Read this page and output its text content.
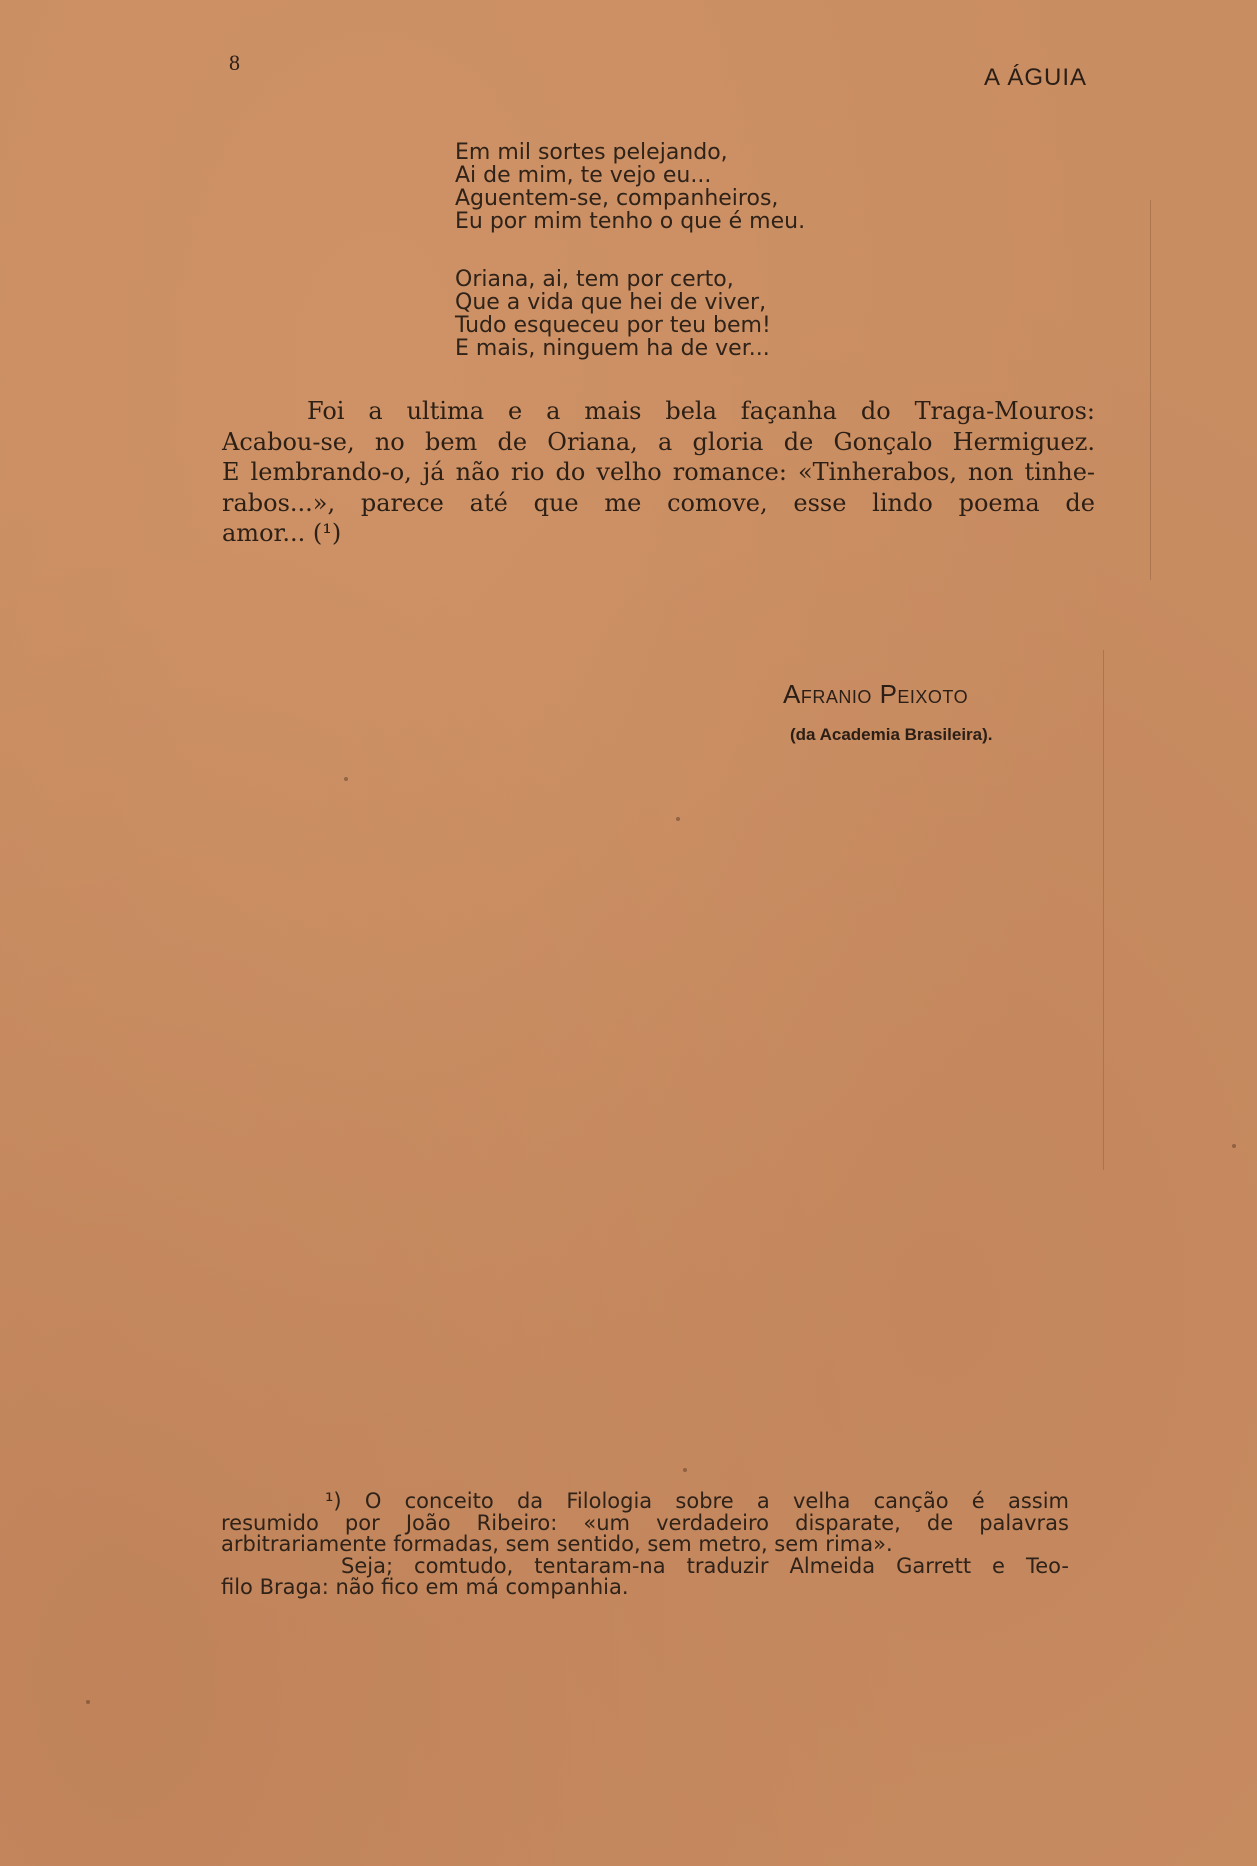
8
A ÁGUIA
Em mil sortes pelejando,
Ai de mim, te vejo eu...
Aguentem-se, companheiros,
Eu por mim tenho o que é meu.
Oriana, ai, tem por certo,
Que a vida que hei de viver,
Tudo esqueceu por teu bem!
E mais, ninguem ha de ver...
Foi a ultima e a mais bela façanha do Traga-Mouros:
Acabou-se, no bem de Oriana, a gloria de Gonçalo Hermiguez.
E lembrando-o, já não rio do velho romance: «Tinherabos, non tinhe-
rabos...», parece até que me comove, esse lindo poema de
amor... (¹)
Afranio Peixoto
(da Academia Brasileira).
¹) O conceito da Filologia sobre a velha canção é assim
resumido por João Ribeiro: «um verdadeiro disparate, de palavras
arbitrariamente formadas, sem sentido, sem metro, sem rima».
Seja; comtudo, tentaram-na traduzir Almeida Garrett e Teo-
filo Braga: não fico em má companhia.
